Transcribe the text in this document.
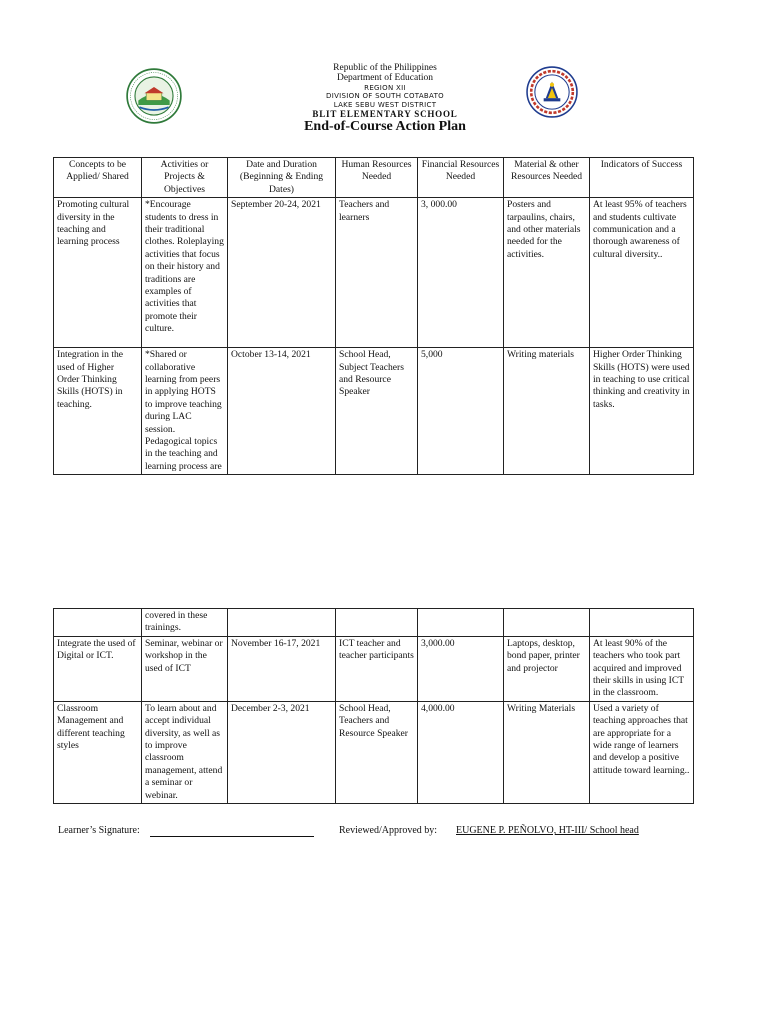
Republic of the Philippines
Department of Education
REGION XII
DIVISION OF SOUTH COTABATO
LAKE SEBU WEST DISTRICT
BLIT ELEMENTARY SCHOOL
End-of-Course Action Plan
Concepts to be Applied/ Shared	Activities or Projects & Objectives	Date and Duration (Beginning & Ending Dates)	Human Resources Needed	Financial Resources Needed	Material & other Resources Needed	Indicators of Success
Promoting cultural diversity in the teaching and learning process	*Encourage students to dress in their traditional clothes. Roleplaying activities that focus on their history and traditions are examples of activities that promote their culture.	September 20-24, 2021	Teachers and learners	3, 000.00	Posters and tarpaulins, chairs, and other materials needed for the activities.	At least 95% of teachers and students cultivate communication and a thorough awareness of cultural diversity..
Integration in the used of Higher Order Thinking Skills (HOTS) in teaching.	*Shared or collaborative learning from peers in applying HOTS to improve teaching during LAC session. Pedagogical topics in the teaching and learning process are	October 13-14, 2021	School Head, Subject Teachers and Resource Speaker	5,000	Writing materials	Higher Order Thinking Skills (HOTS) were used in teaching to use critical thinking and creativity in tasks.
	covered in these trainings.					
Integrate the used of Digital or ICT.	Seminar, webinar or workshop in the used of ICT	November 16-17, 2021	ICT teacher and teacher participants	3,000.00	Laptops, desktop, bond paper, printer and projector	At least 90% of the teachers who took part acquired and improved their skills in using ICT in the classroom.
Classroom Management and different teaching styles	To learn about and accept individual diversity, as well as to improve classroom management, attend a seminar or webinar.	December 2-3, 2021	School Head, Teachers and Resource Speaker	4,000.00	Writing Materials	Used a variety of teaching approaches that are appropriate for a wide range of learners and develop a positive attitude toward learning..
Learner’s Signature:	Reviewed/Approved by: EUGENE P. PEÑOLVO, HT-III/ School head
